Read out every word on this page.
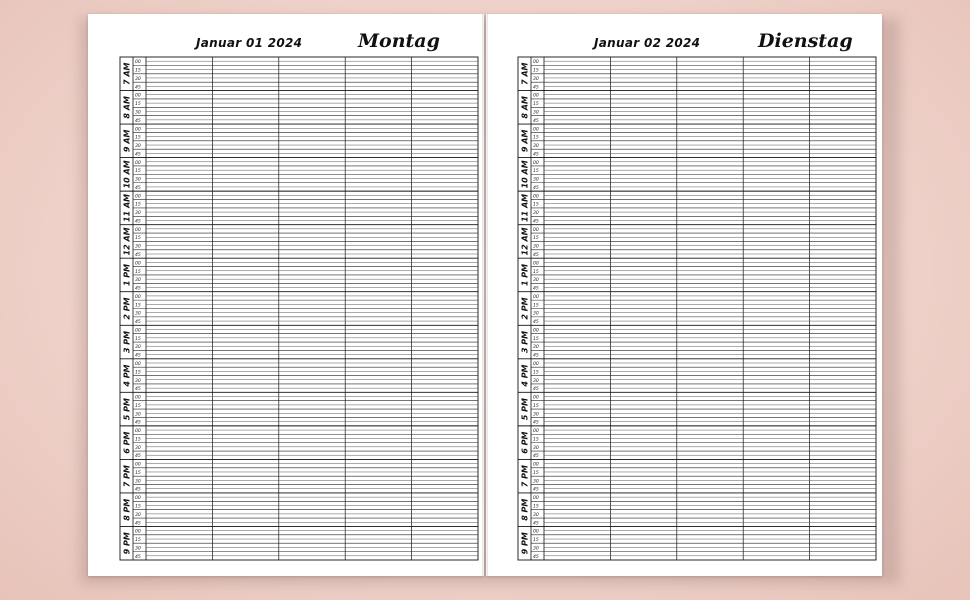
Januar 01 2024	Montag
00
15
30
45
7 AM
00
15
30
45
8 AM
00
15
30
45
9 AM
00
15
30
45
10 AM
00
15
30
45
11 AM
00
15
30
45
12 AM
00
15
30
45
1 PM
00
15
30
45
2 PM
00
15
30
45
3 PM
00
15
30
45
4 PM
00
15
30
45
5 PM
00
15
30
45
6 PM
00
15
30
45
7 PM
00
15
30
45
8 PM
00
15
30
45
9 PM
Januar 02 2024	Dienstag
00
15
30
45
7 AM
00
15
30
45
8 AM
00
15
30
45
9 AM
00
15
30
45
10 AM
00
15
30
45
11 AM
00
15
30
45
12 AM
00
15
30
45
1 PM
00
15
30
45
2 PM
00
15
30
45
3 PM
00
15
30
45
4 PM
00
15
30
45
5 PM
00
15
30
45
6 PM
00
15
30
45
7 PM
00
15
30
45
8 PM
00
15
30
45
9 PM
